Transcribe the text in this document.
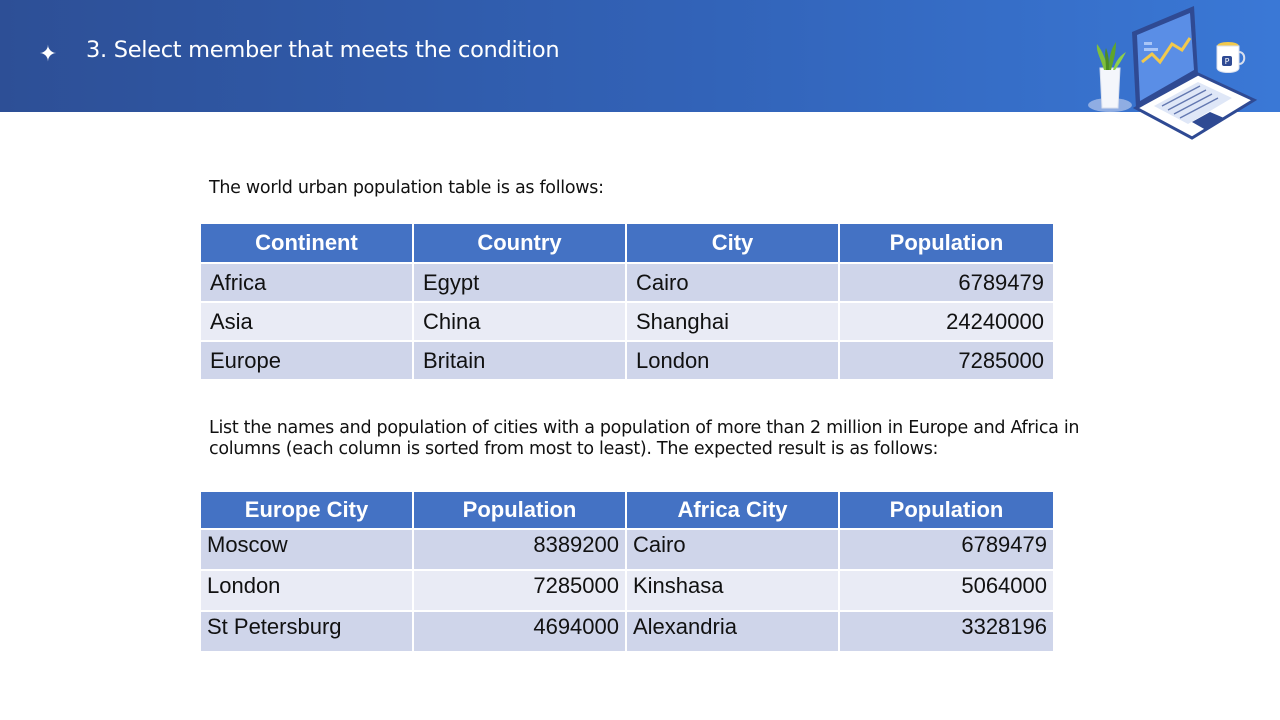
✦ 3. Select member that meets the condition	P
The world urban population table is as follows:
Continent	Country	City	Population
Africa	Egypt	Cairo	6789479
Asia	China	Shanghai	24240000
Europe	Britain	London	7285000
List the names and population of cities with a population of more than 2 million in Europe and Africa in columns (each column is sorted from most to least). The expected result is as follows:
Europe City	Population	Africa City	Population
Moscow	8389200	Cairo	6789479
London	7285000	Kinshasa	5064000
St Petersburg	4694000	Alexandria	3328196
